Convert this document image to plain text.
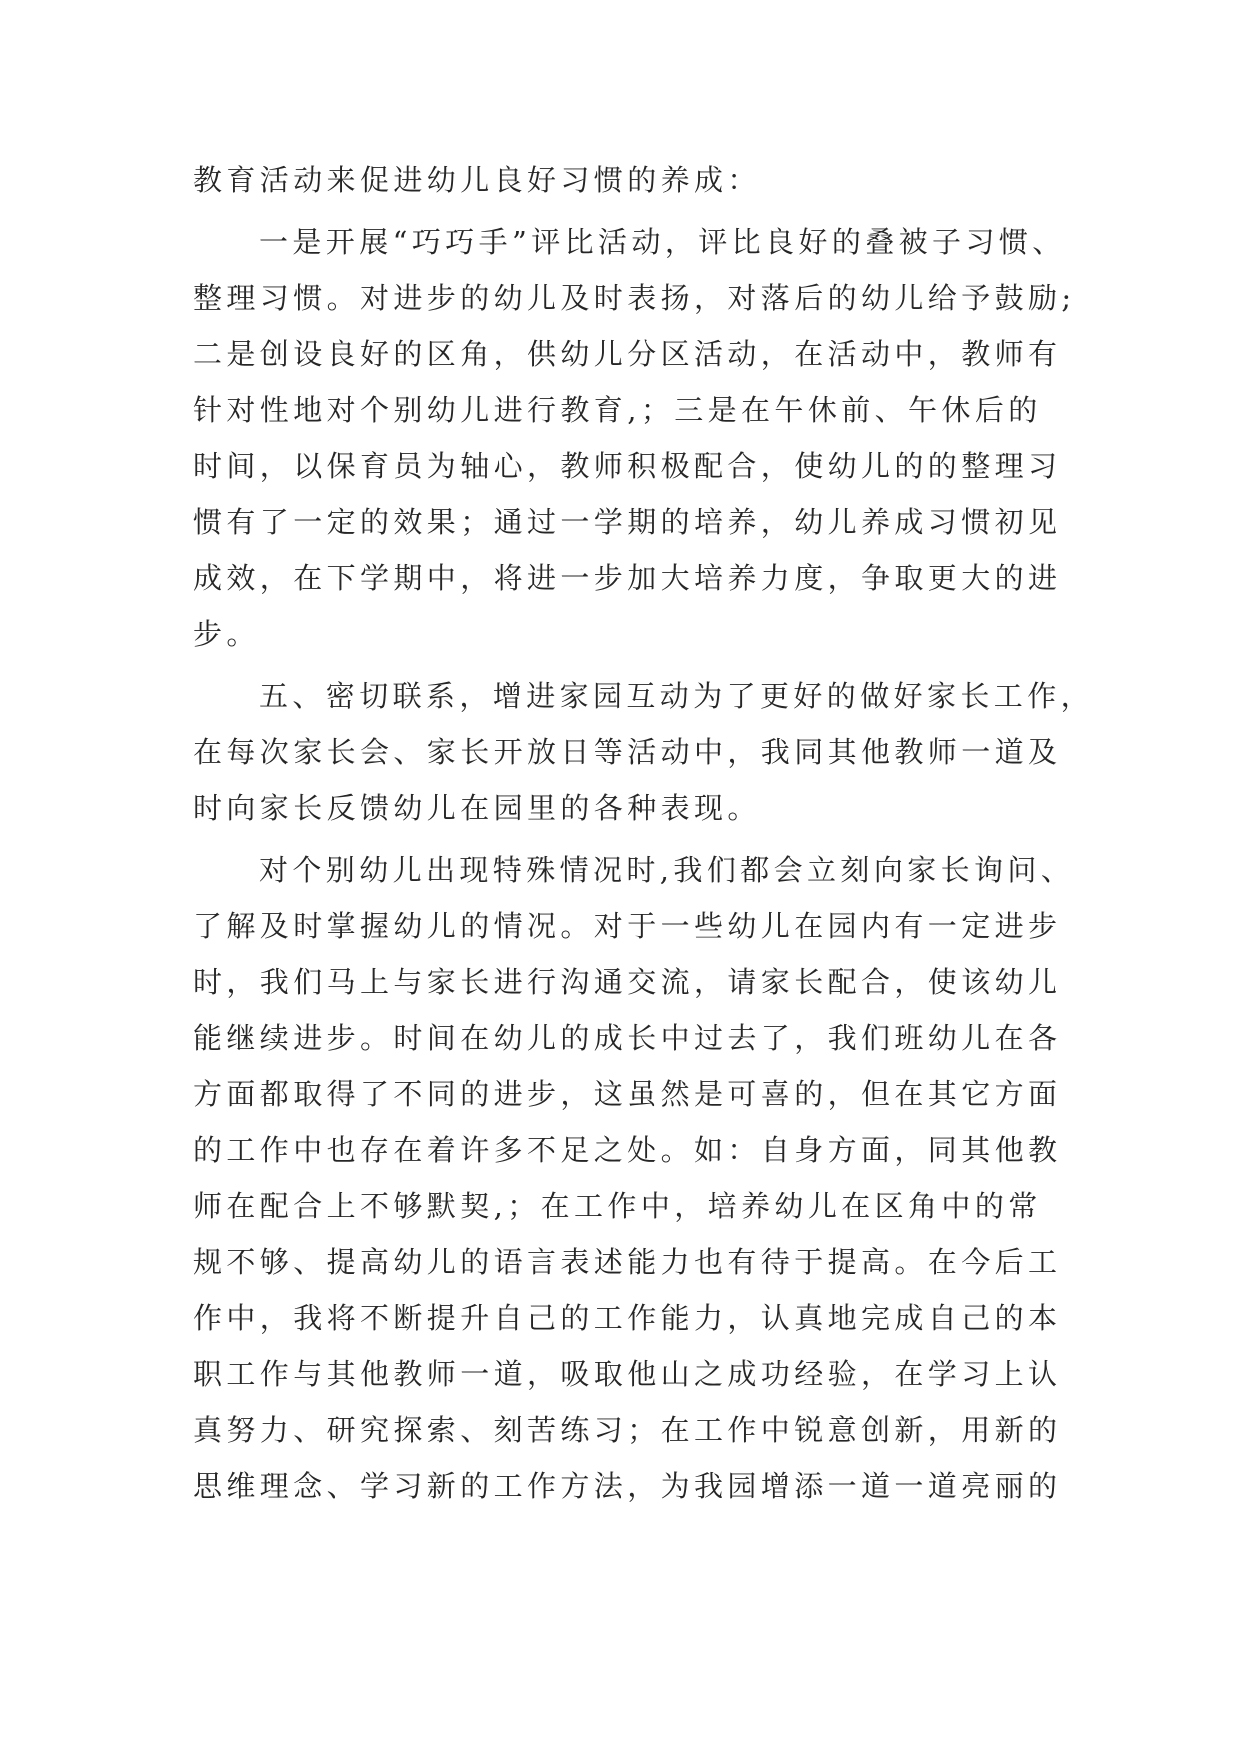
教育活动来促进幼儿良好习惯的养成：
一是开展“巧巧手”评比活动，评比良好的叠被子习惯、
整理习惯。对进步的幼儿及时表扬，对落后的幼儿给予鼓励;
二是创设良好的区角，供幼儿分区活动，在活动中，教师有
针对性地对个别幼儿进行教育,；三是在午休前、午休后的
时间，以保育员为轴心，教师积极配合，使幼儿的的整理习
惯有了一定的效果；通过一学期的培养，幼儿养成习惯初见
成效，在下学期中，将进一步加大培养力度，争取更大的进
步。
五、密切联系，增进家园互动为了更好的做好家长工作，
在每次家长会、家长开放日等活动中，我同其他教师一道及
时向家长反馈幼儿在园里的各种表现。
对个别幼儿出现特殊情况时,我们都会立刻向家长询问、
了解及时掌握幼儿的情况。对于一些幼儿在园内有一定进步
时，我们马上与家长进行沟通交流，请家长配合，使该幼儿
能继续进步。时间在幼儿的成长中过去了，我们班幼儿在各
方面都取得了不同的进步，这虽然是可喜的，但在其它方面
的工作中也存在着许多不足之处。如：自身方面，同其他教
师在配合上不够默契,；在工作中，培养幼儿在区角中的常
规不够、提高幼儿的语言表述能力也有待于提高。在今后工
作中，我将不断提升自己的工作能力，认真地完成自己的本
职工作与其他教师一道，吸取他山之成功经验，在学习上认
真努力、研究探索、刻苦练习；在工作中锐意创新，用新的
思维理念、学习新的工作方法，为我园增添一道一道亮丽的
